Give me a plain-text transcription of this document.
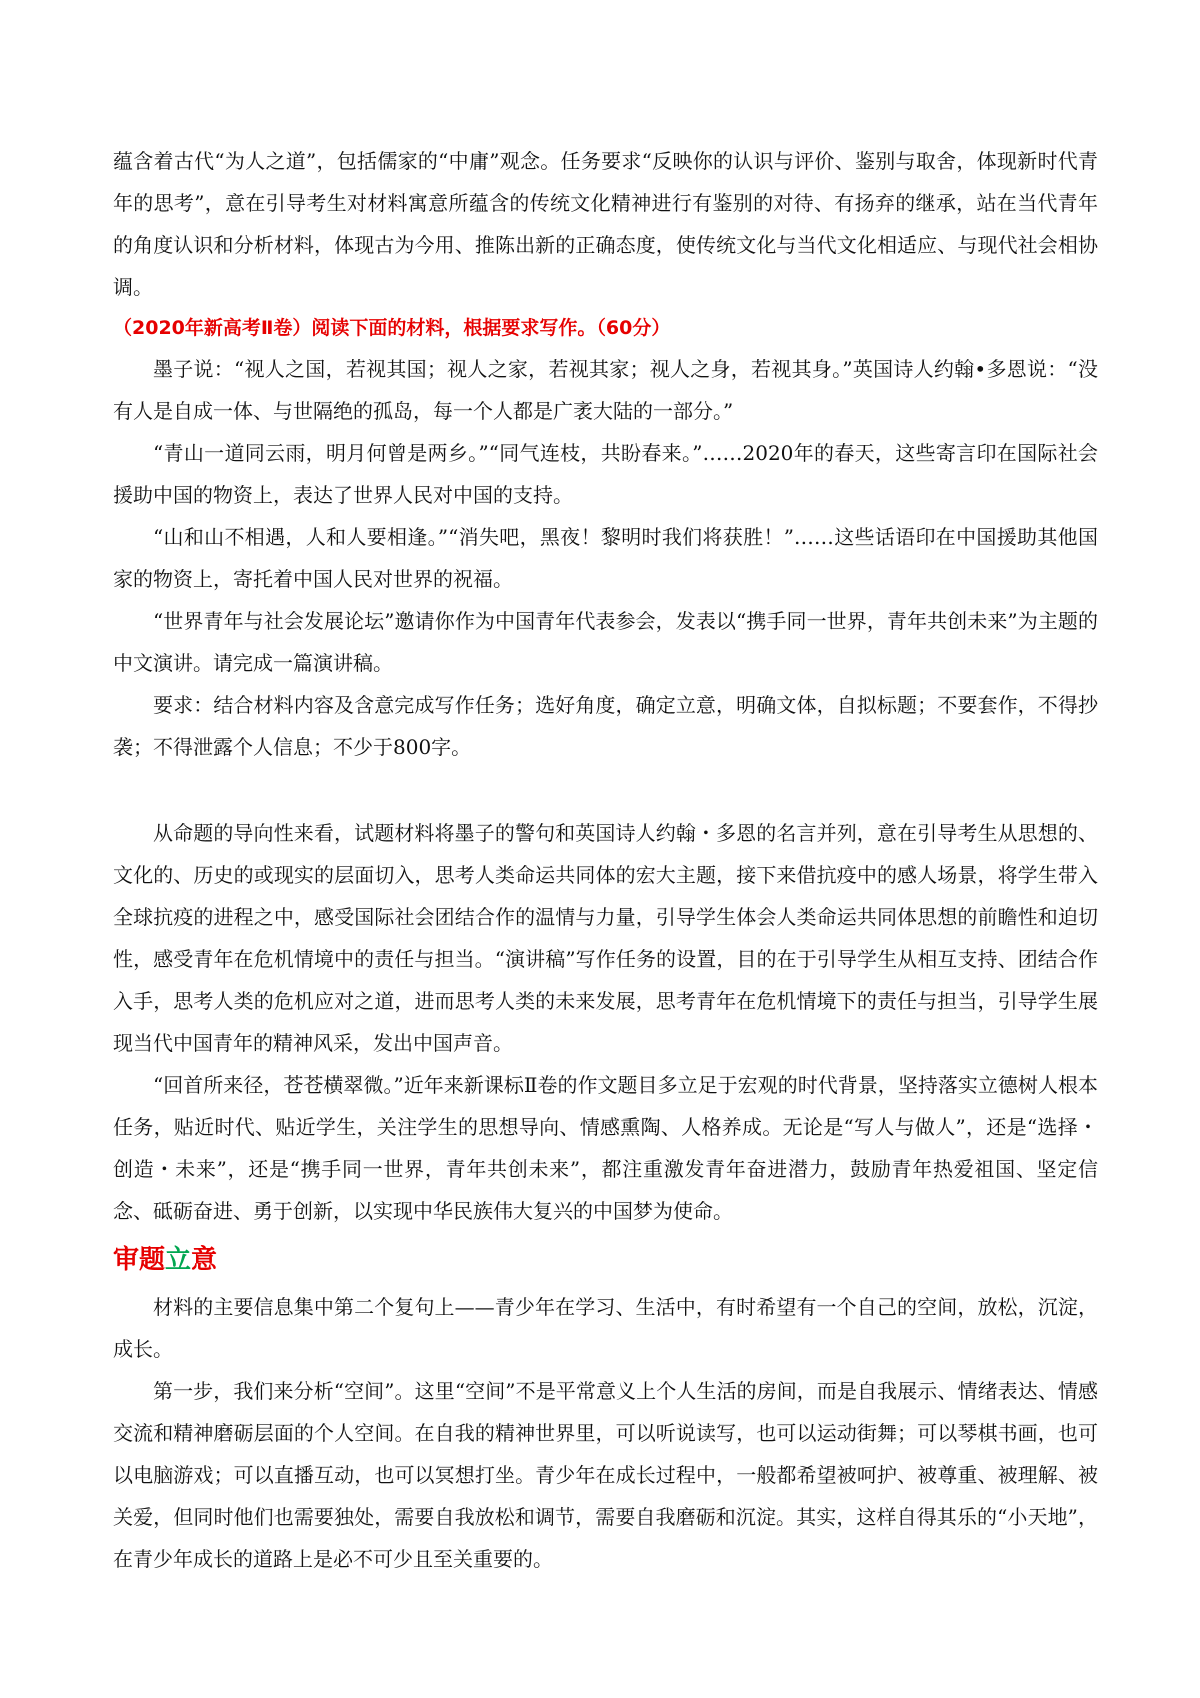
蕴含着古代“为人之道”，包括儒家的“中庸”观念。任务要求“反映你的认识与评价、鉴别与取舍，体现新时代青年的思考”，意在引导考生对材料寓意所蕴含的传统文化精神进行有鉴别的对待、有扬弃的继承，站在当代青年的角度认识和分析材料，体现古为今用、推陈出新的正确态度，使传统文化与当代文化相适应、与现代社会相协调。

（2020年新高考Ⅱ卷）阅读下面的材料，根据要求写作。（60分）

墨子说：“视人之国，若视其国；视人之家，若视其家；视人之身，若视其身。”英国诗人约翰•多恩说：“没有人是自成一体、与世隔绝的孤岛，每一个人都是广袤大陆的一部分。”

“青山一道同云雨，明月何曾是两乡。”“同气连枝，共盼春来。”……2020年的春天，这些寄言印在国际社会援助中国的物资上，表达了世界人民对中国的支持。

“山和山不相遇，人和人要相逢。”“消失吧，黑夜！黎明时我们将获胜！”……这些话语印在中国援助其他国家的物资上，寄托着中国人民对世界的祝福。

“世界青年与社会发展论坛”邀请你作为中国青年代表参会，发表以“携手同一世界，青年共创未来”为主题的中文演讲。请完成一篇演讲稿。

要求：结合材料内容及含意完成写作任务；选好角度，确定立意，明确文体，自拟标题；不要套作，不得抄袭；不得泄露个人信息；不少于800字。

从命题的导向性来看，试题材料将墨子的警句和英国诗人约翰・多恩的名言并列，意在引导考生从思想的、文化的、历史的或现实的层面切入，思考人类命运共同体的宏大主题，接下来借抗疫中的感人场景，将学生带入全球抗疫的进程之中，感受国际社会团结合作的温情与力量，引导学生体会人类命运共同体思想的前瞻性和迫切性，感受青年在危机情境中的责任与担当。“演讲稿”写作任务的设置，目的在于引导学生从相互支持、团结合作入手，思考人类的危机应对之道，进而思考人类的未来发展，思考青年在危机情境下的责任与担当，引导学生展现当代中国青年的精神风采，发出中国声音。

“回首所来径，苍苍横翠微。”近年来新课标Ⅱ卷的作文题目多立足于宏观的时代背景，坚持落实立德树人根本任务，贴近时代、贴近学生，关注学生的思想导向、情感熏陶、人格养成。无论是“写人与做人”，还是“选择・创造・未来”，还是“携手同一世界，青年共创未来”，都注重激发青年奋进潜力，鼓励青年热爱祖国、坚定信念、砥砺奋进、勇于创新，以实现中华民族伟大复兴的中国梦为使命。

审题立意

材料的主要信息集中第二个复句上——青少年在学习、生活中，有时希望有一个自己的空间，放松，沉淀，成长。

第一步，我们来分析“空间”。这里“空间”不是平常意义上个人生活的房间，而是自我展示、情绪表达、情感交流和精神磨砺层面的个人空间。在自我的精神世界里，可以听说读写，也可以运动街舞；可以琴棋书画，也可以电脑游戏；可以直播互动，也可以冥想打坐。青少年在成长过程中，一般都希望被呵护、被尊重、被理解、被关爱，但同时他们也需要独处，需要自我放松和调节，需要自我磨砺和沉淀。其实，这样自得其乐的“小天地”，在青少年成长的道路上是必不可少且至关重要的。
